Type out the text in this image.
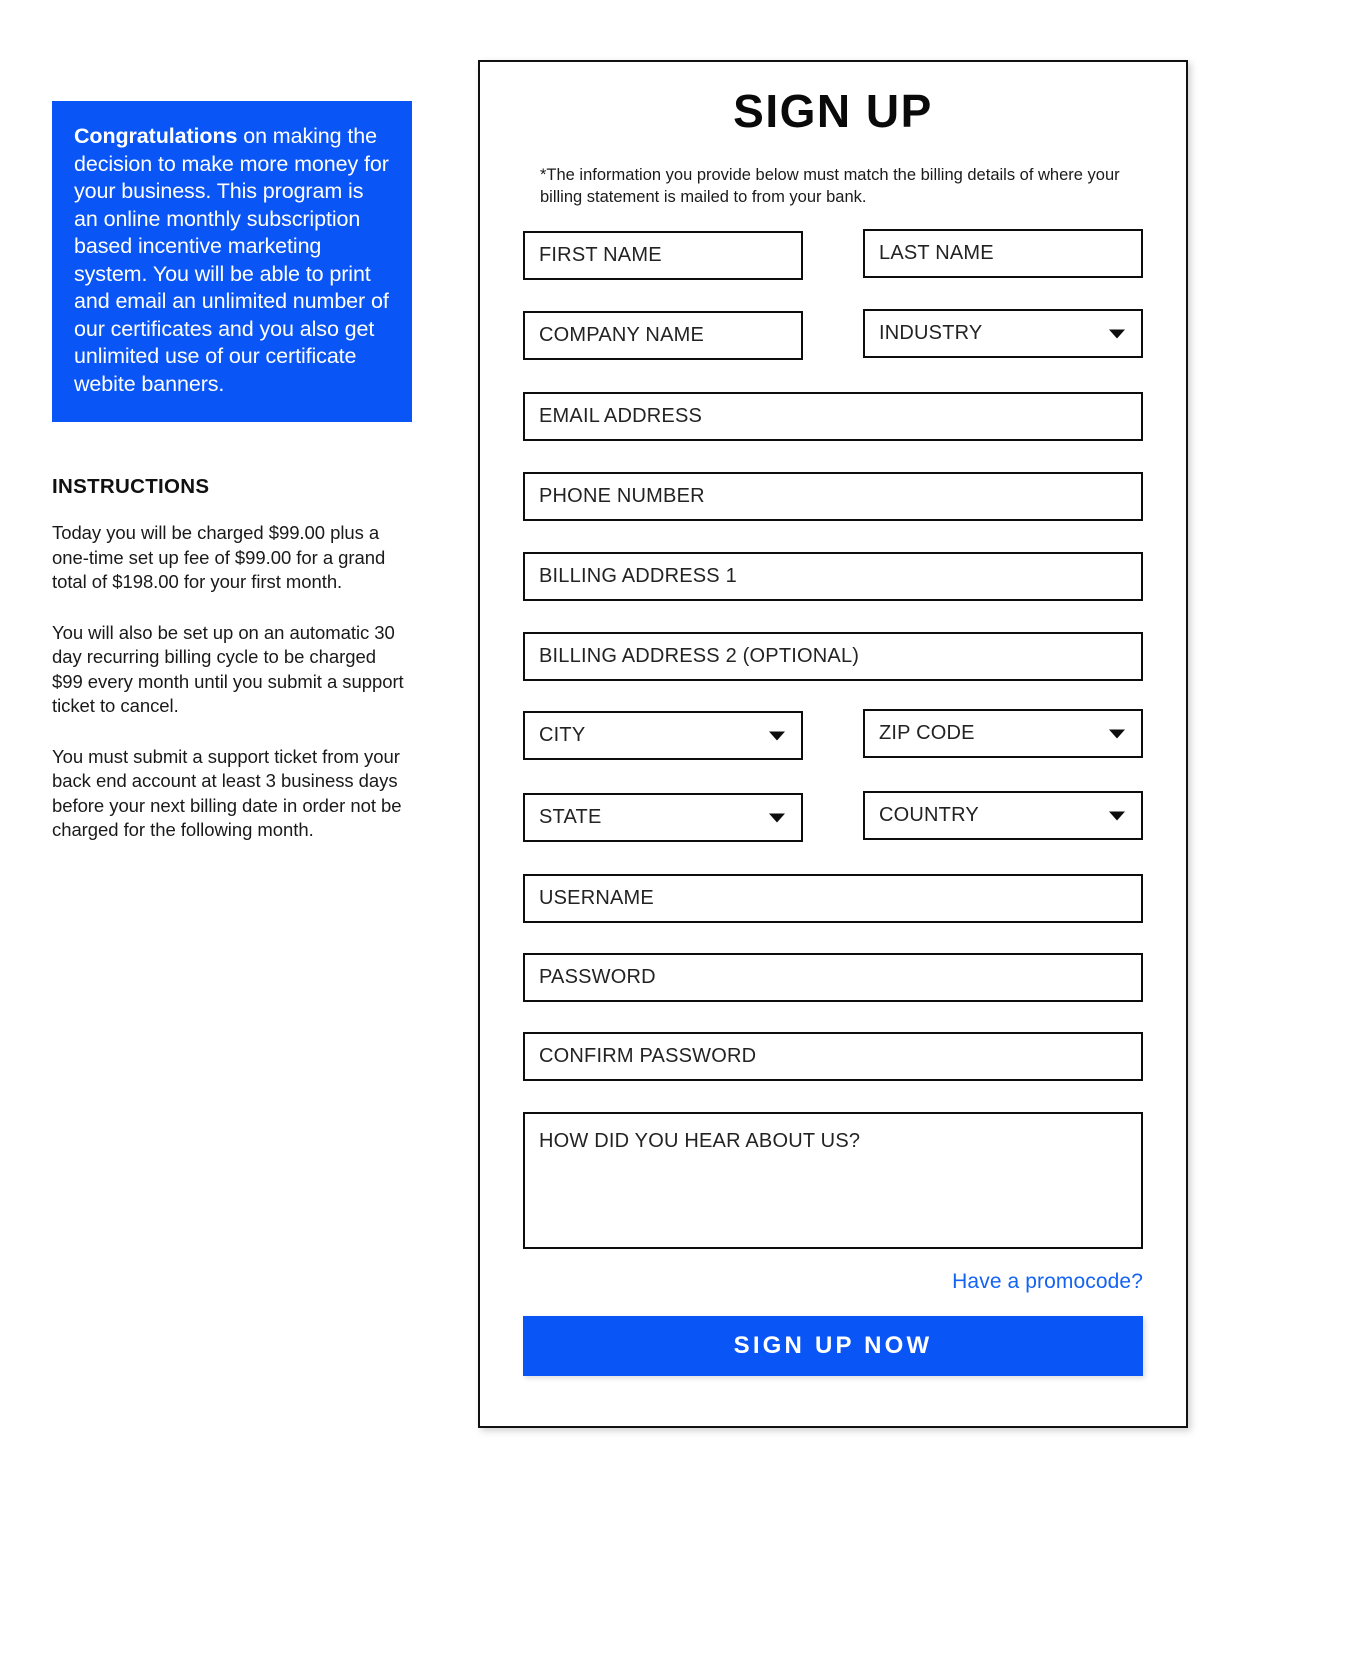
Congratulations on making the decision to make more money for your business. This program is an online monthly subscription based incentive marketing system. You will be able to print and email an unlimited number of our certificates and you also get unlimited use of our certificate webite banners.
INSTRUCTIONS
Today you will be charged $99.00 plus a one-time set up fee of $99.00 for a grand total of $198.00 for your first month.
You will also be set up on an automatic 30 day recurring billing cycle to be charged $99 every month until you submit a support ticket to cancel.
You must submit a support ticket from your back end account at least 3 business days before your next billing date in order not be charged for the following month.
SIGN UP
*The information you provide below must match the billing details of where your billing statement is mailed to from your bank.
FIRST NAME	LAST NAME
COMPANY NAME	INDUSTRY
EMAIL ADDRESS
PHONE NUMBER
BILLING ADDRESS 1
BILLING ADDRESS 2 (OPTIONAL)
CITY	ZIP CODE
STATE	COUNTRY
USERNAME
PASSWORD
CONFIRM PASSWORD
HOW DID YOU HEAR ABOUT US?
Have a promocode?
SIGN UP NOW
